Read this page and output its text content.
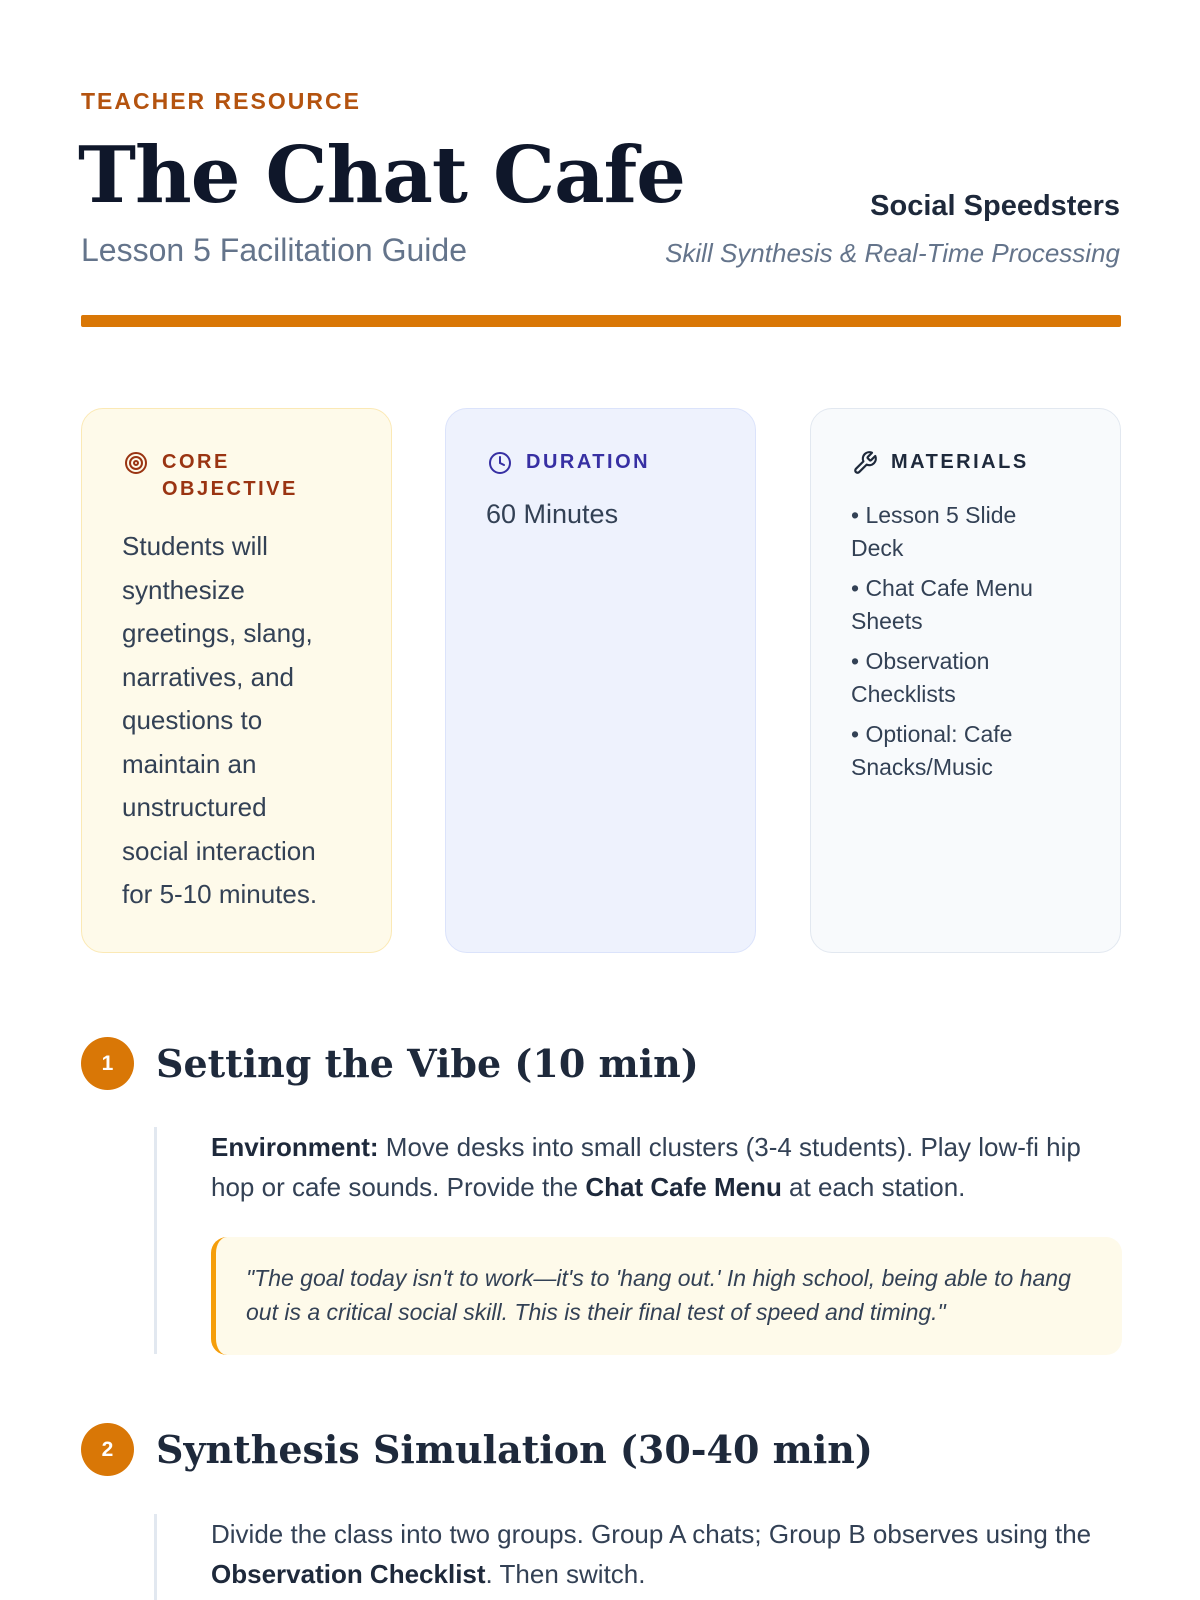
TEACHER RESOURCE
The Chat Cafe
Lesson 5 Facilitation Guide
Social Speedsters
Skill Synthesis & Real-Time Processing
CORE
OBJECTIVE
Students will
synthesize
greetings, slang,
narratives, and
questions to
maintain an
unstructured
social interaction
for 5-10 minutes.
DURATION
60 Minutes
MATERIALS
• Lesson 5 Slide
Deck
• Chat Cafe Menu
Sheets
• Observation
Checklists
• Optional: Cafe
Snacks/Music
1	Setting the Vibe (10 min)

Environment: Move desks into small clusters (3-4 students). Play low-fi hip hop or cafe sounds. Provide the Chat Cafe Menu at each station.

"The goal today isn't to work—it's to 'hang out.' In high school, being able to hang out is a critical social skill. This is their final test of speed and timing."
2	Synthesis Simulation (30-40 min)

Divide the class into two groups. Group A chats; Group B observes using the Observation Checklist. Then switch.
